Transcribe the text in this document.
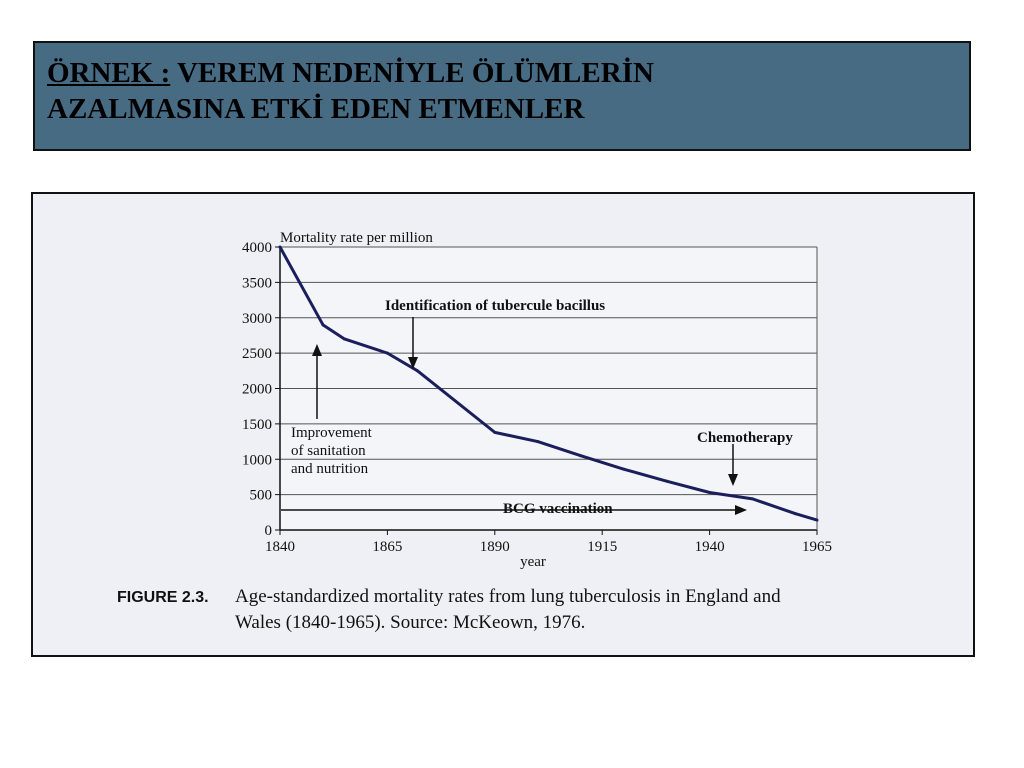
ÖRNEK : VEREM NEDENİYLE ÖLÜMLERİN
AZALMASINA ETKİ EDEN ETMENLER
0
500
1000
1500
2000
2500
3000
3500
4000
1840	1865	1890	1915	1940	1965
Mortality rate per million
year
Identification of tubercule bacillus
Improvement
of sanitation
and nutrition
Chemotherapy
BCG vaccination
FIGURE 2.3. Age-standardized mortality rates from lung tuberculosis in England and
Wales (1840-1965). Source: McKeown, 1976.
